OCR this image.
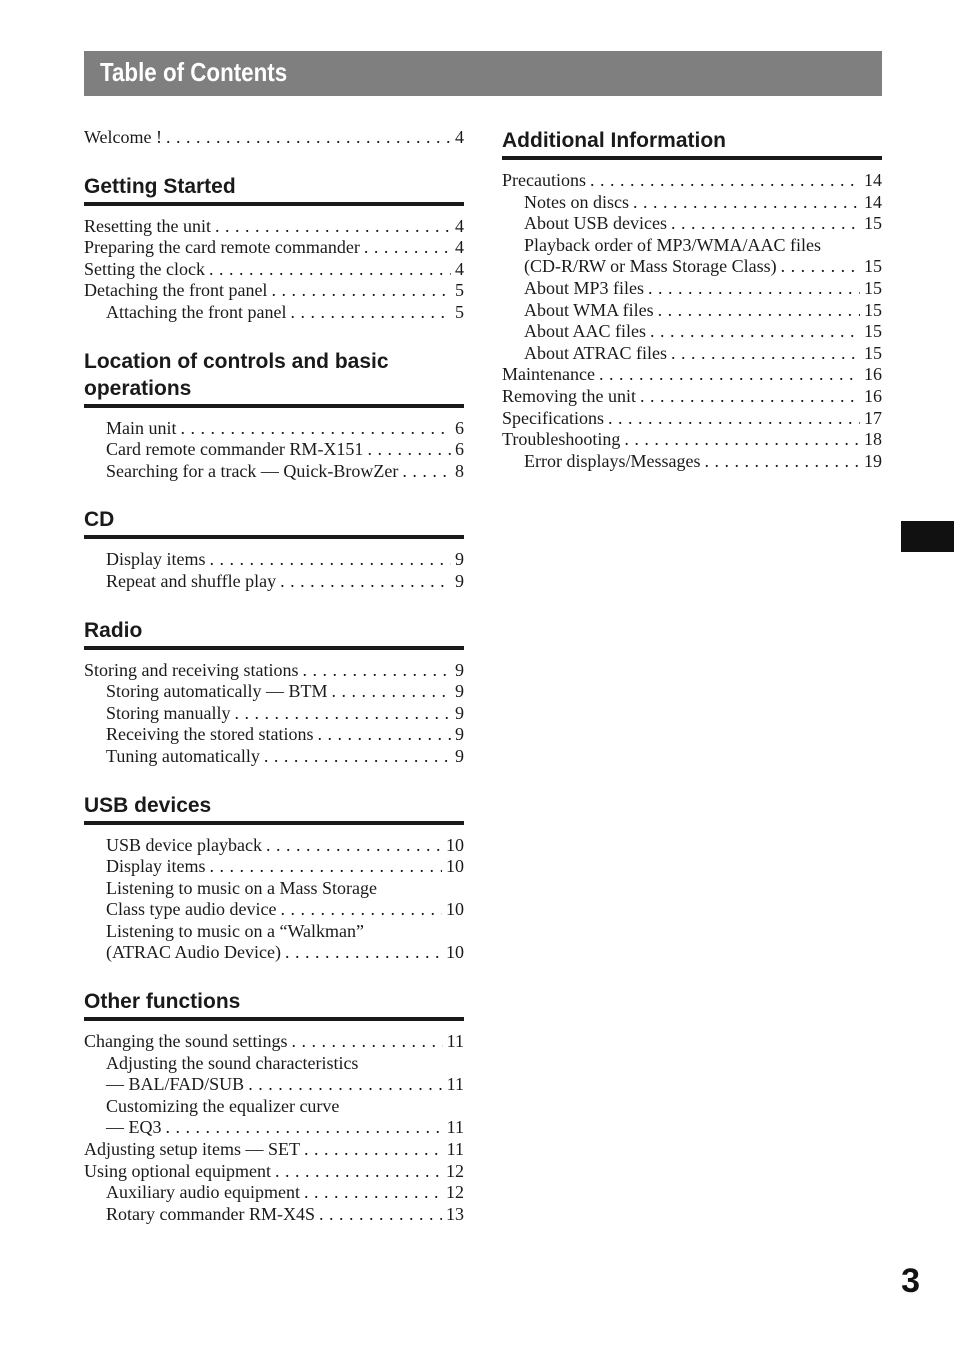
Table of Contents
Welcome ! . . .	4
Getting Started
Resetting the unit . . .	4
Preparing the card remote commander . . .	4
Setting the clock . . .	4
Detaching the front panel . . .	5
Attaching the front panel . . .	5
Location of controls and basic
operations
Main unit . . .	6
Card remote commander RM-X151 . . .	6
Searching for a track — Quick-BrowZer . . .	8
CD
Display items . . .	9
Repeat and shuffle play . . .	9
Radio
Storing and receiving stations . . .	9
Storing automatically — BTM . . .	9
Storing manually . . .	9
Receiving the stored stations . . .	9
Tuning automatically . . .	9
USB devices
USB device playback . . .	10
Display items . . .	10
Listening to music on a Mass Storage
Class type audio device . . .	10
Listening to music on a “Walkman”
(ATRAC Audio Device) . . .	10
Other functions
Changing the sound settings . . .	11
Adjusting the sound characteristics
— BAL/FAD/SUB . . .	11
Customizing the equalizer curve
— EQ3 . . .	11
Adjusting setup items — SET . . .	11
Using optional equipment . . .	12
Auxiliary audio equipment . . .	12
Rotary commander RM-X4S . . .	13
Additional Information
Precautions . . .	14
Notes on discs . . .	14
About USB devices . . .	15
Playback order of MP3/WMA/AAC files
(CD-R/RW or Mass Storage Class) . . .	15
About MP3 files . . .	15
About WMA files . . .	15
About AAC files . . .	15
About ATRAC files . . .	15
Maintenance . . .	16
Removing the unit . . .	16
Specifications . . .	17
Troubleshooting . . .	18
Error displays/Messages . . .	19
3
